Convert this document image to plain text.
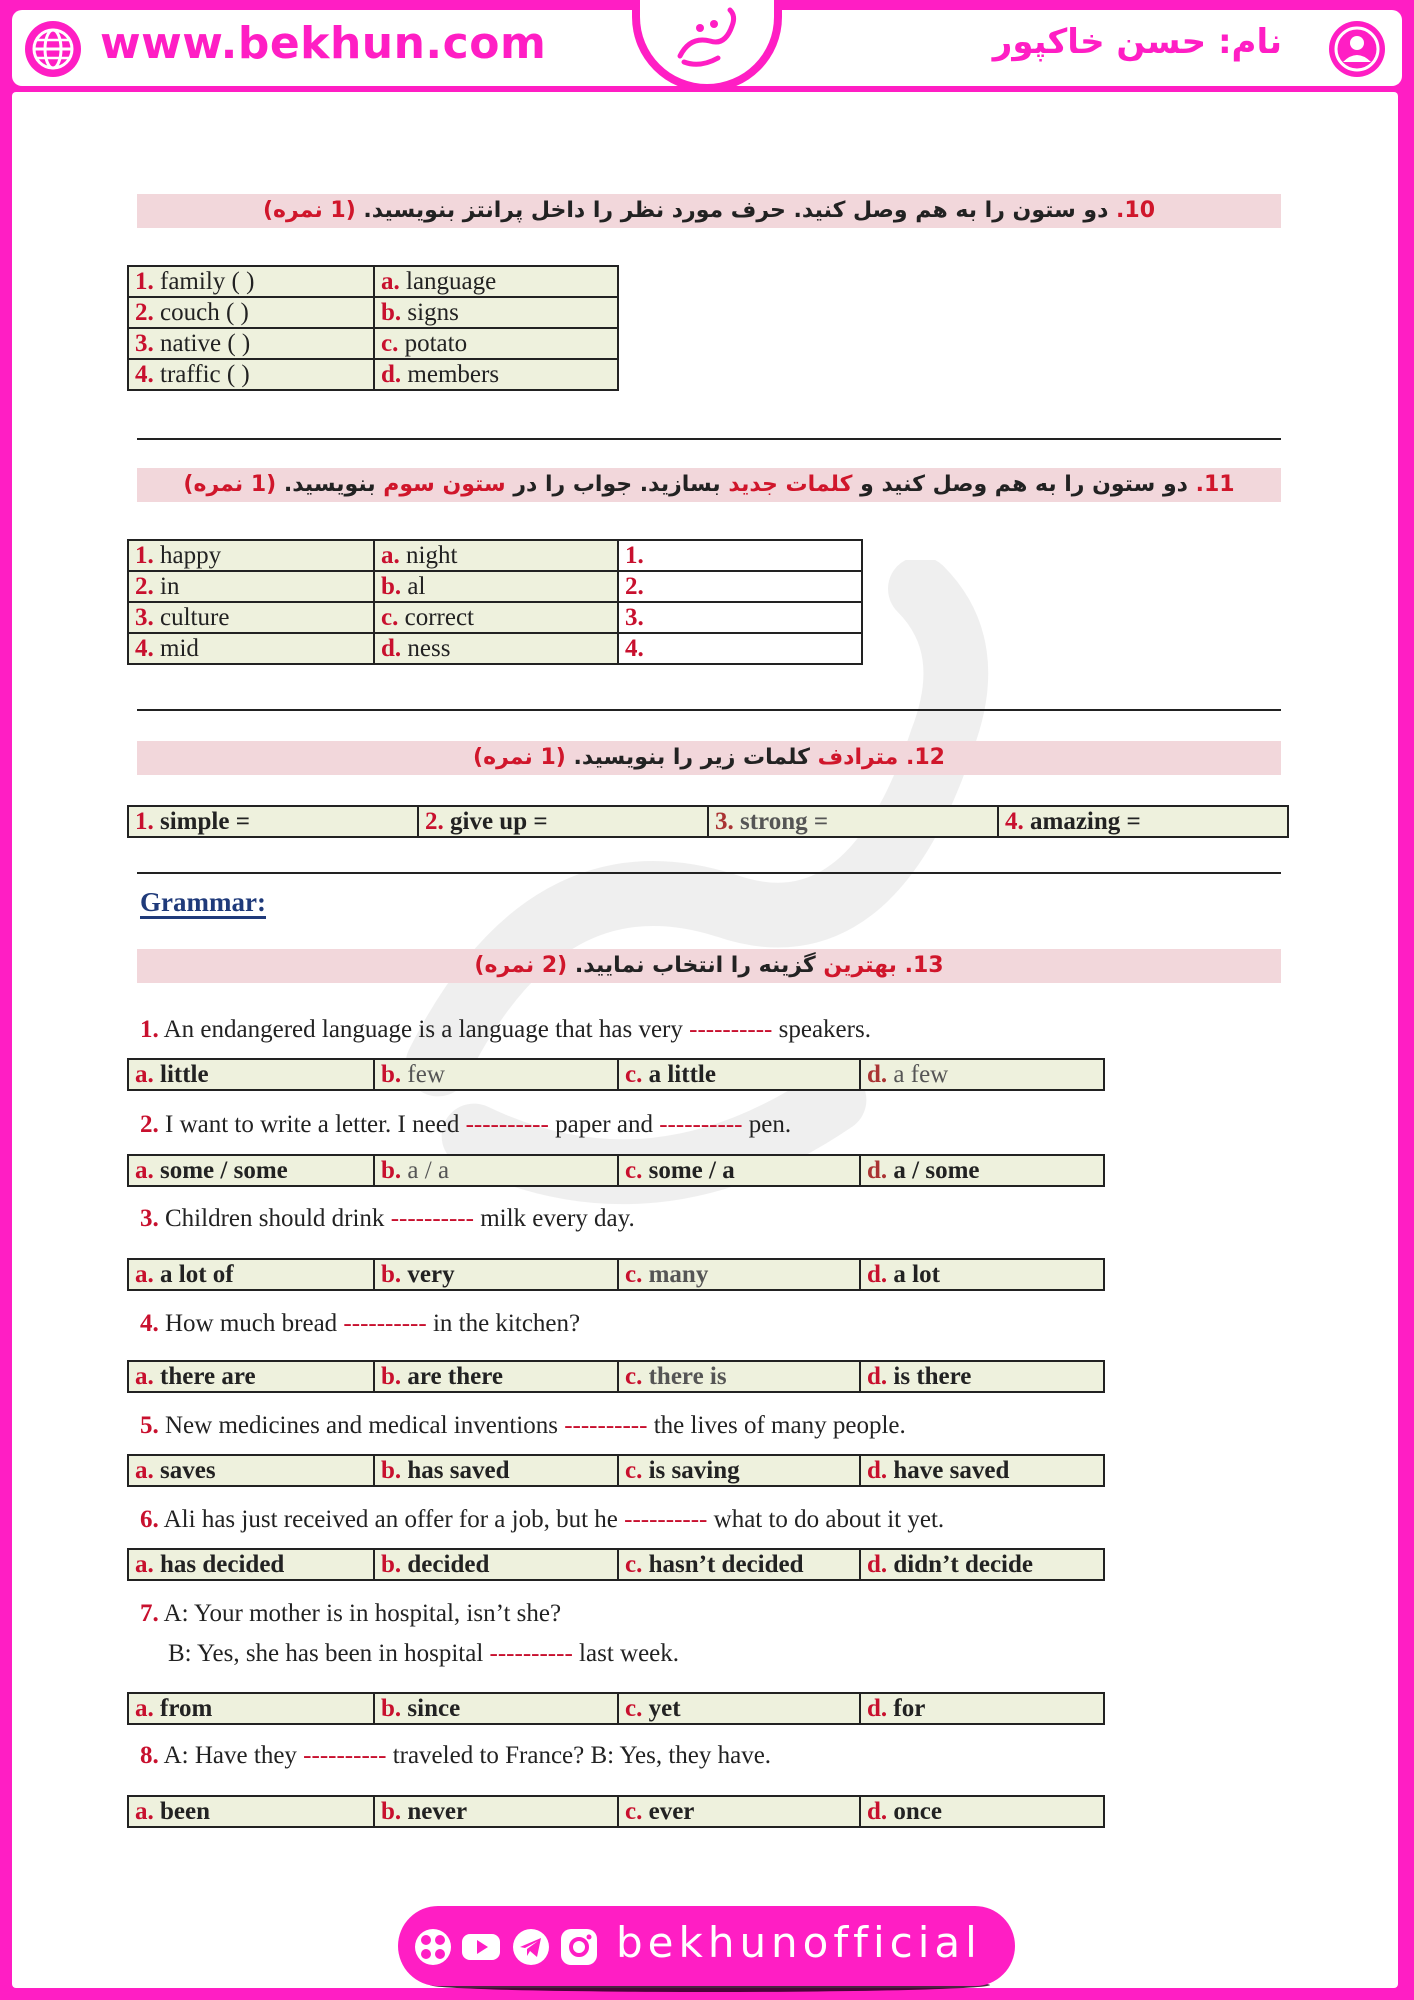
www.bekhun.com	نام: حسن خاکپور
10. دو ستون را به هم وصل کنید. حرف مورد نظر را داخل پرانتز بنویسید. (1 نمره)
1. family ( )	a. language
2. couch ( )	b. signs
3. native ( )	c. potato
4. traffic ( )	d. members
11. دو ستون را به هم وصل کنید و کلمات جدید بسازید. جواب را در ستون سوم بنویسید. (1 نمره)
1. happy	a. night	1.
2. in	b. al	2.
3. culture	c. correct	3.
4. mid	d. ness	4.
12. مترادف کلمات زیر را بنویسید. (1 نمره)
1. simple =	2. give up =	3. strong =	4. amazing =
Grammar:
13. بهترین گزینه را انتخاب نمایید. (2 نمره)
1. An endangered language is a language that has very ---------- speakers.
a. little	b. few	c. a little	d. a few
2. I want to write a letter. I need ---------- paper and ---------- pen.
a. some / some	b. a / a	c. some / a	d. a / some
3. Children should drink ---------- milk every day.
a. a lot of	b. very	c. many	d. a lot
4. How much bread ---------- in the kitchen?
a. there are	b. are there	c. there is	d. is there
5. New medicines and medical inventions ---------- the lives of many people.
a. saves	b. has saved	c. is saving	d. have saved
6. Ali has just received an offer for a job, but he ---------- what to do about it yet.
a. has decided	b. decided	c. hasn’t decided	d. didn’t decide
7. A: Your mother is in hospital, isn’t she?
B: Yes, she has been in hospital ---------- last week.
a. from	b. since	c. yet	d. for
8. A: Have they ---------- traveled to France? B: Yes, they have.
a. been	b. never	c. ever	d. once
bekhunofficial
